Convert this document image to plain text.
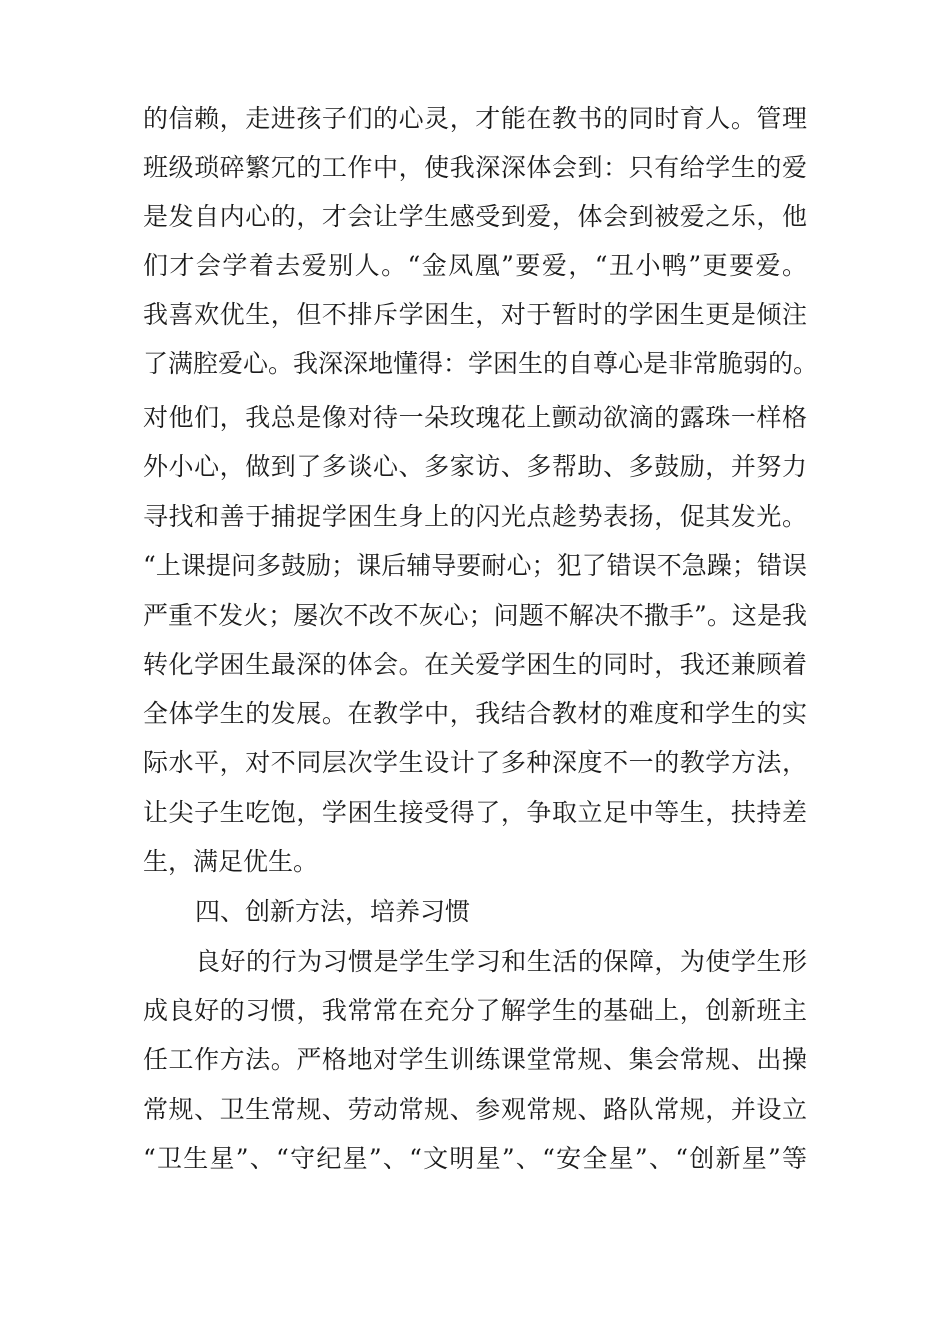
的信赖，走进孩子们的心灵，才能在教书的同时育人。管理
班级琐碎繁冗的工作中，使我深深体会到：只有给学生的爱
是发自内心的，才会让学生感受到爱，体会到被爱之乐，他
们才会学着去爱别人。“金凤凰”要爱，“丑小鸭”更要爱。
我喜欢优生，但不排斥学困生，对于暂时的学困生更是倾注
了满腔爱心。我深深地懂得：学困生的自尊心是非常脆弱的。
对他们，我总是像对待一朵玫瑰花上颤动欲滴的露珠一样格
外小心，做到了多谈心、多家访、多帮助、多鼓励，并努力
寻找和善于捕捉学困生身上的闪光点趁势表扬，促其发光。
“上课提问多鼓励；课后辅导要耐心；犯了错误不急躁；错误
严重不发火；屡次不改不灰心；问题不解决不撒手”。这是我
转化学困生最深的体会。在关爱学困生的同时，我还兼顾着
全体学生的发展。在教学中，我结合教材的难度和学生的实
际水平，对不同层次学生设计了多种深度不一的教学方法，
让尖子生吃饱，学困生接受得了，争取立足中等生，扶持差
生，满足优生。
四、创新方法，培养习惯
良好的行为习惯是学生学习和生活的保障，为使学生形
成良好的习惯，我常常在充分了解学生的基础上，创新班主
任工作方法。严格地对学生训练课堂常规、集会常规、出操
常规、卫生常规、劳动常规、参观常规、路队常规，并设立
“卫生星”、“守纪星”、“文明星”、“安全星”、“创新星”等
